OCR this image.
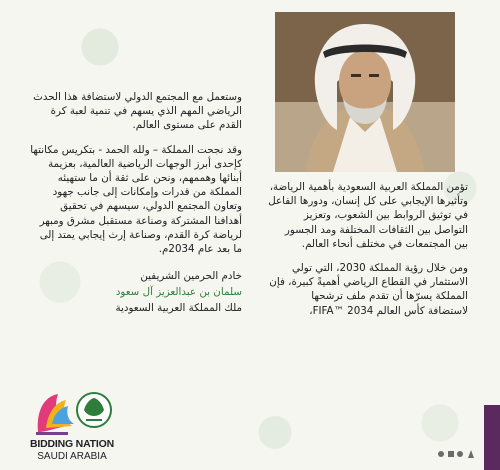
تؤمن المملكة العربية السعودية بأهمية الرياضة، وتأثيرها الإيجابي على كل إنسان، ودورها الفاعل في توثيق الروابط بين الشعوب، وتعزيز التواصل بين الثقافات المختلفة ومد الجسور بين المجتمعات في مختلف أنحاء العالم.

ومن خلال رؤية المملكة 2030، التي تولي الاستثمار في القطاع الرياضي أهميةً كبيرة، فإن المملكة يسرّها أن تقدم ملف ترشحها لاستضافة كأس العالم FIFA™ 2034،

وستعمل مع المجتمع الدولي لاستضافة هذا الحدث الرياضي المهم الذي يسهم في تنمية لعبة كرة القدم على مستوى العالم.

وقد نجحت المملكة – ولله الحمد - بتكريس مكانتها كإحدى أبرز الوجهات الرياضية العالمية، بعزيمة أبنائها وهممهم، ونحن على ثقة أن ما ستهيئه المملكة من قدرات وإمكانات إلى جانب جهود وتعاون المجتمع الدولي، سيسهم في تحقيق أهدافنا المشتركة وصناعة مستقبل مشرق ومبهر لرياضة كرة القدم، وصناعة إرث إيجابي يمتد إلى ما بعد عام 2034م.

خادم الحرمين الشريفين
سلمان بن عبدالعزيز آل سعود
ملك المملكة العربية السعودية
BIDDING NATION
SAUDI ARABIA
